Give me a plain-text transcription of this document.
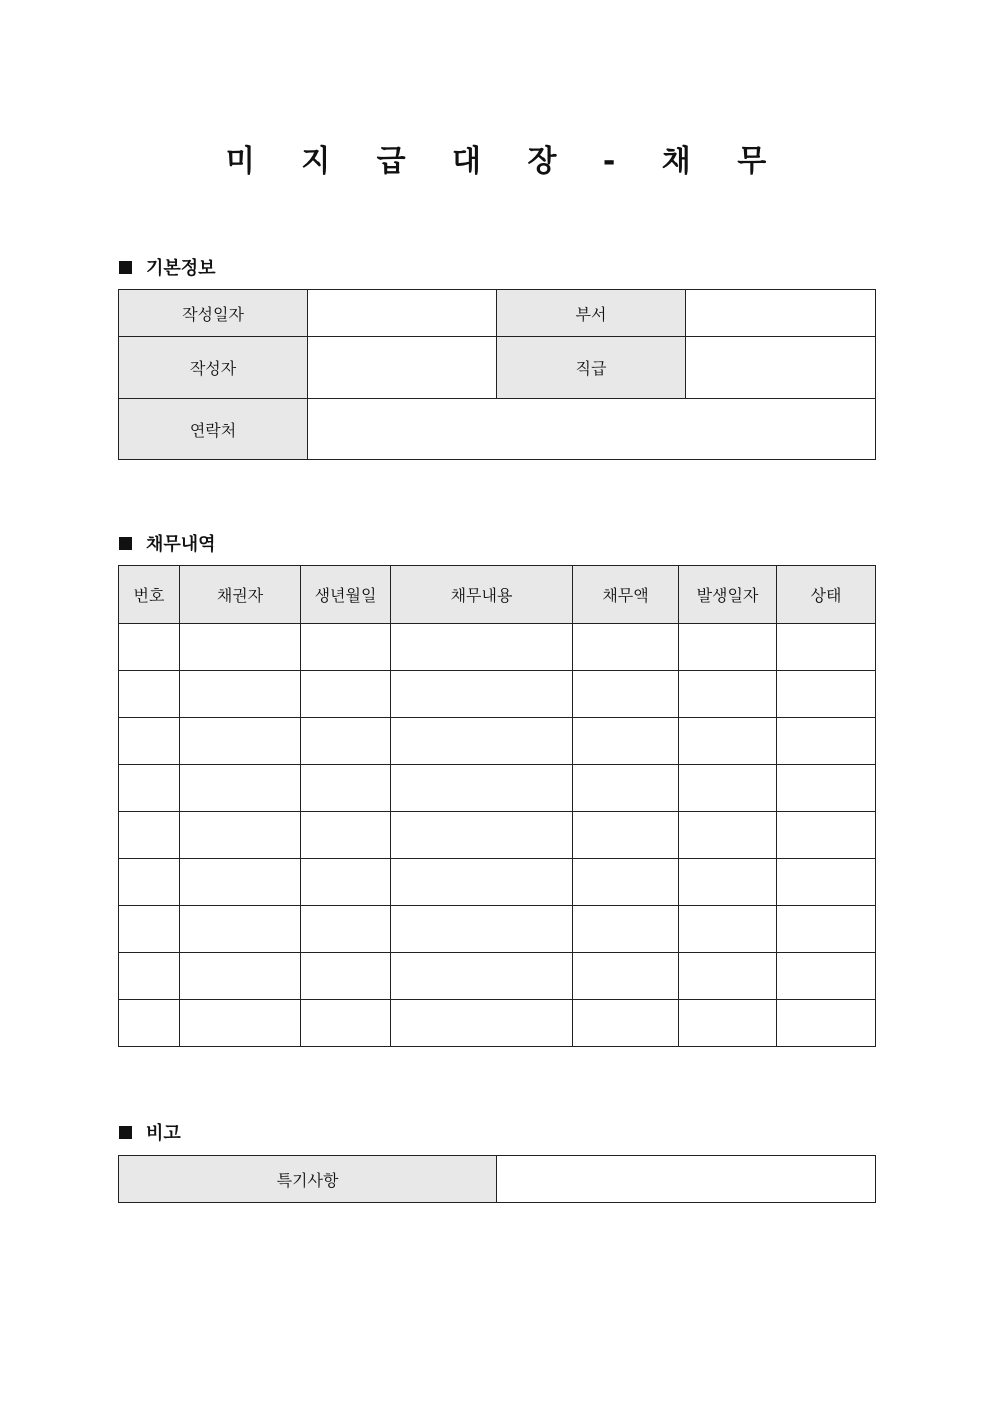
미 지 급 대 장 - 채 무
기본정보
작성일자		부서	
작성자		직급	
연락처			
채무내역
번호	채권자	생년월일	채무내용	채무액	발생일자	상태

비고
특기사항	
